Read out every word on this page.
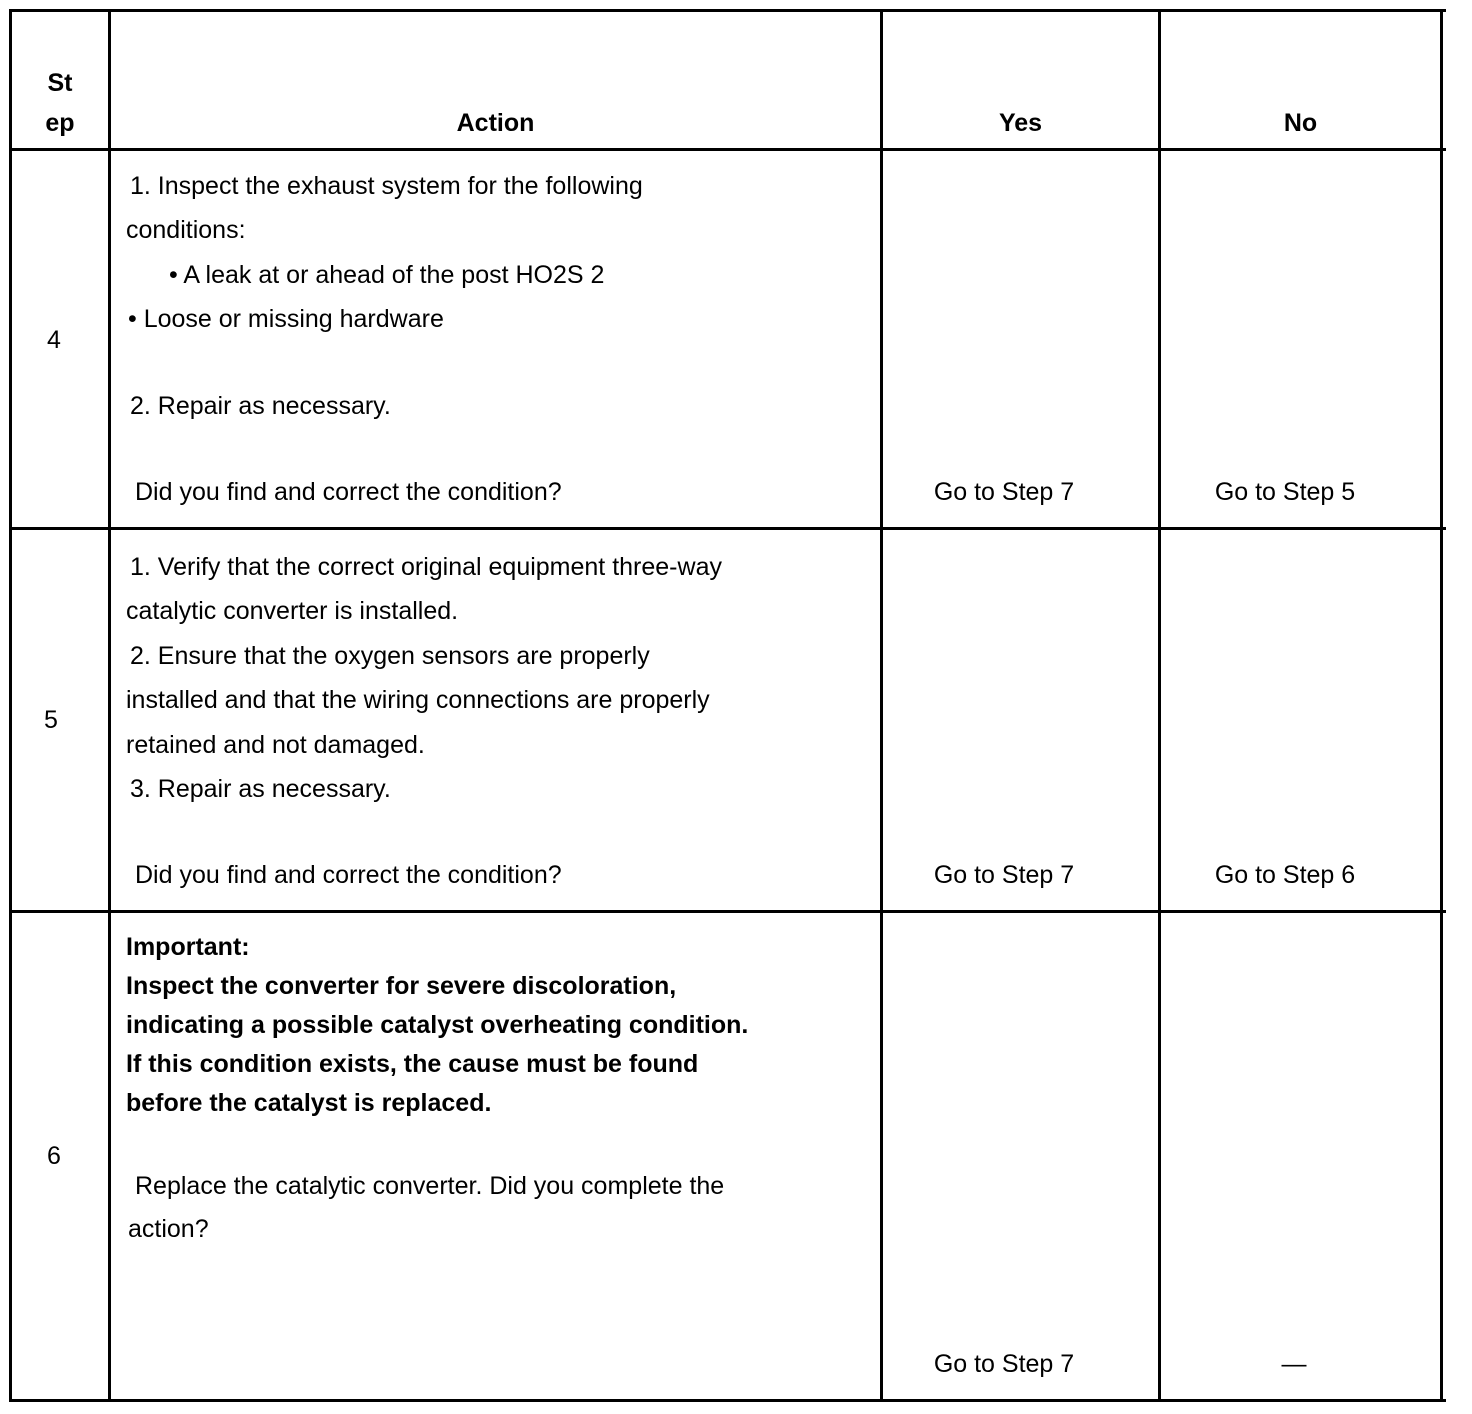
St
ep	Action	Yes	No
4
1. Inspect the exhaust system for the following
conditions:
• A leak at or ahead of the post HO2S 2
• Loose or missing hardware
2. Repair as necessary.
Did you find and correct the condition?	Go to Step 7	Go to Step 5
5
1. Verify that the correct original equipment three-way
catalytic converter is installed.
2. Ensure that the oxygen sensors are properly
installed and that the wiring connections are properly
retained and not damaged.
3. Repair as necessary.
Did you find and correct the condition?	Go to Step 7	Go to Step 6
6
Important:
Inspect the converter for severe discoloration,
indicating a possible catalyst overheating condition.
If this condition exists, the cause must be found
before the catalyst is replaced.
Replace the catalytic converter. Did you complete the
action?
Go to Step 7	—
